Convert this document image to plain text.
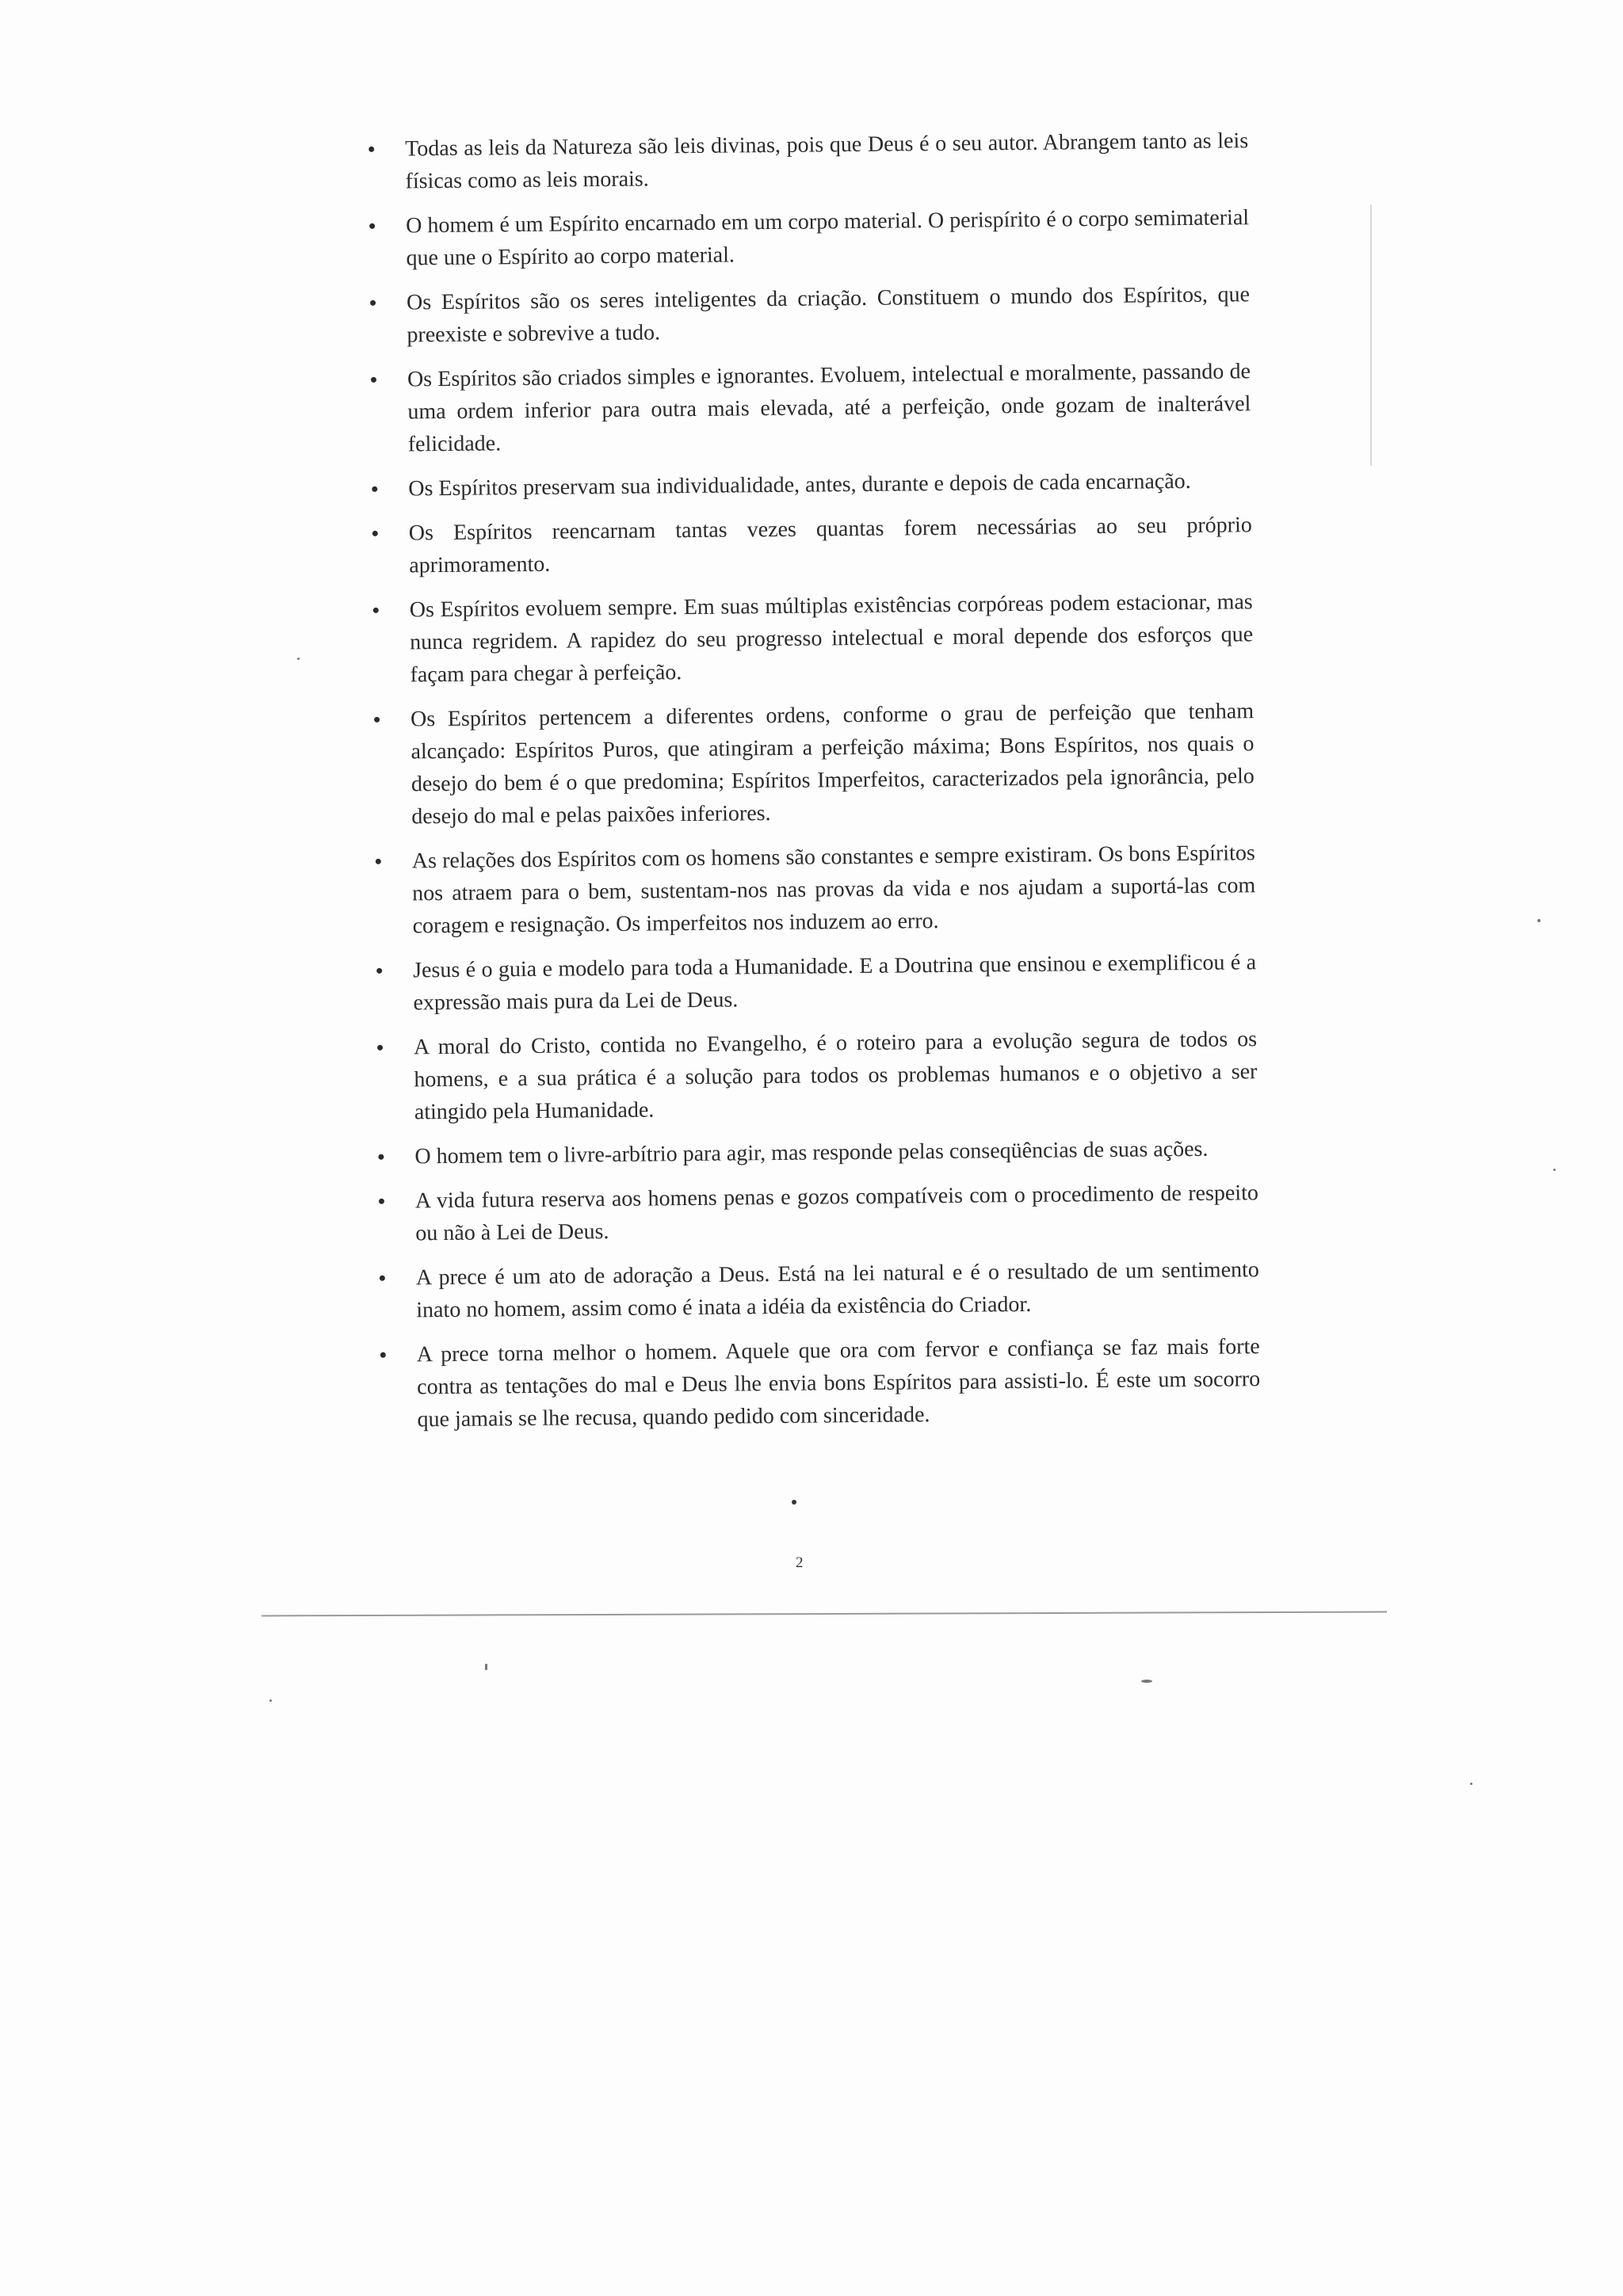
Todas as leis da Natureza são leis divinas, pois que Deus é o seu autor. Abrangem tanto as leis físicas como as leis morais.
O homem é um Espírito encarnado em um corpo material. O perispírito é o corpo semimaterial que une o Espírito ao corpo material.
Os Espíritos são os seres inteligentes da criação. Constituem o mundo dos Espíritos, que preexiste e sobrevive a tudo.
Os Espíritos são criados simples e ignorantes. Evoluem, intelectual e moralmente, passando de uma ordem inferior para outra mais elevada, até a perfeição, onde gozam de inalterável felicidade.
Os Espíritos preservam sua individualidade, antes, durante e depois de cada encarnação.
Os Espíritos reencarnam tantas vezes quantas forem necessárias ao seu próprio aprimoramento.
Os Espíritos evoluem sempre. Em suas múltiplas existências corpóreas podem estacionar, mas nunca regridem. A rapidez do seu progresso intelectual e moral depende dos esforços que façam para chegar à perfeição.
Os Espíritos pertencem a diferentes ordens, conforme o grau de perfeição que tenham alcançado: Espíritos Puros, que atingiram a perfeição máxima; Bons Espíritos, nos quais o desejo do bem é o que predomina; Espíritos Imperfeitos, caracterizados pela ignorância, pelo desejo do mal e pelas paixões inferiores.
As relações dos Espíritos com os homens são constantes e sempre existiram. Os bons Espíritos nos atraem para o bem, sustentam-nos nas provas da vida e nos ajudam a suportá-las com coragem e resignação. Os imperfeitos nos induzem ao erro.
Jesus é o guia e modelo para toda a Humanidade. E a Doutrina que ensinou e exemplificou é a expressão mais pura da Lei de Deus.
A moral do Cristo, contida no Evangelho, é o roteiro para a evolução segura de todos os homens, e a sua prática é a solução para todos os problemas humanos e o objetivo a ser atingido pela Humanidade.
O homem tem o livre-arbítrio para agir, mas responde pelas conseqüências de suas ações.
A vida futura reserva aos homens penas e gozos compatíveis com o procedimento de respeito ou não à Lei de Deus.
A prece é um ato de adoração a Deus. Está na lei natural e é o resultado de um sentimento inato no homem, assim como é inata a idéia da existência do Criador.
A prece torna melhor o homem. Aquele que ora com fervor e confiança se faz mais forte contra as tentações do mal e Deus lhe envia bons Espíritos para assisti-lo. É este um socorro que jamais se lhe recusa, quando pedido com sinceridade.
2
